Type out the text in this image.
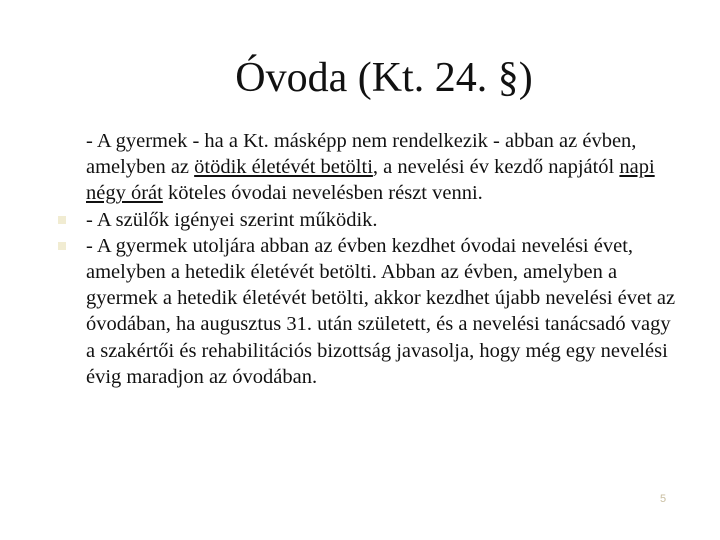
Óvoda (Kt. 24. §)
- A gyermek - ha a Kt. másképp nem rendelkezik - abban az évben, amelyben az ötödik életévét betölti, a nevelési év kezdő napjától napi négy órát köteles óvodai nevelésben részt venni.
- A szülők igényei szerint működik.
- A gyermek utoljára abban az évben kezdhet óvodai nevelési évet, amelyben a hetedik életévét betölti. Abban az évben, amelyben a gyermek a hetedik életévét betölti, akkor kezdhet újabb nevelési évet az óvodában, ha augusztus 31. után született, és a nevelési tanácsadó vagy a szakértői és rehabilitációs bizottság javasolja, hogy még egy nevelési évig maradjon az óvodában.
5
